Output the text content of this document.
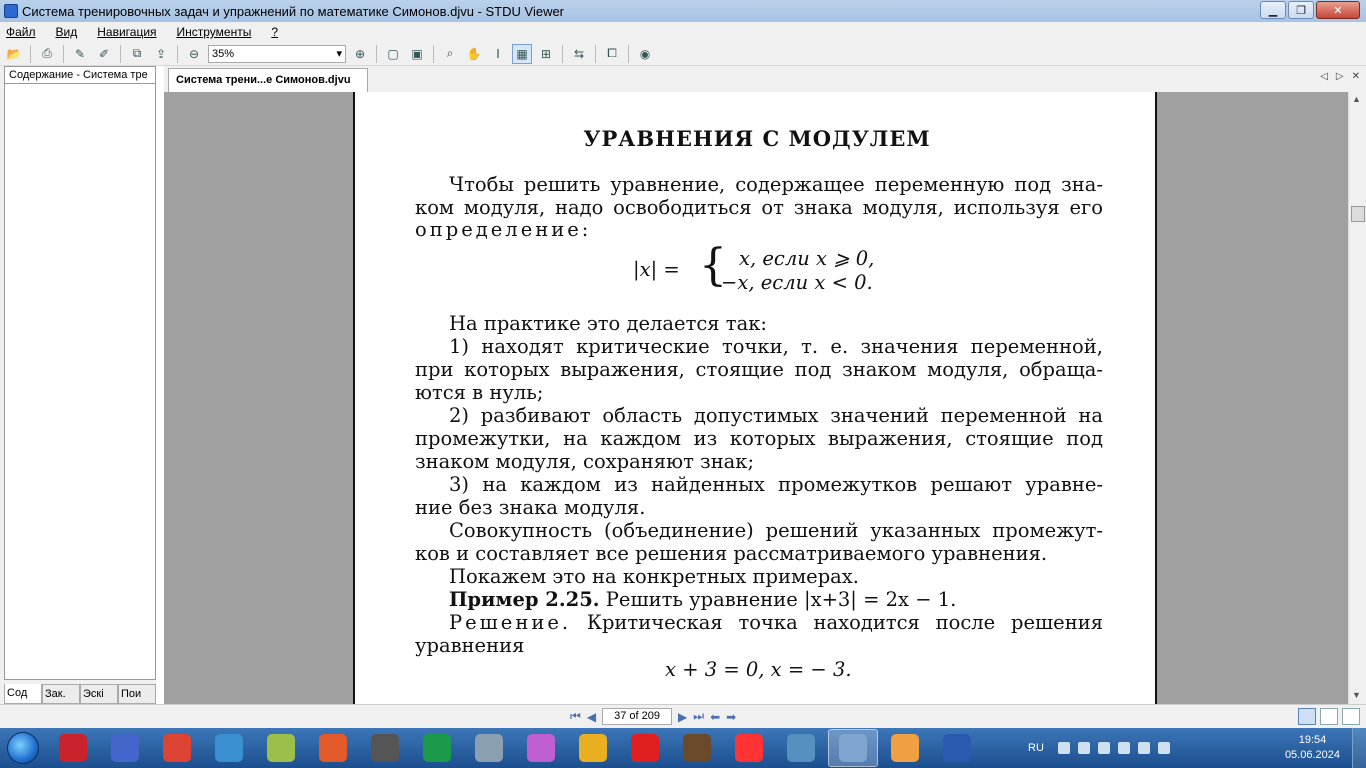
Система тренировочных задач и упражнений по математике Симонов.djvu - STDU Viewer	▁	❐	✕
Файл Вид Навигация Инструменты ?
📂	⎙	✎	✐	⧉	⇪	⊖	35%	▾	⊕	▢	▣	⌕	✋	Ⅰ	▦	⊞	⇆	⧠	◉
Содержание - Система тре
Сод	Зак.	Эскі	Пои
Система трени...е Симонов.djvu	◁ ▷ ✕
УРАВНЕНИЯ С МОДУЛЕМ
Чтобы решить уравнение, содержащее переменную под зна-
ком модуля, надо освободиться от знака модуля, используя его
определение:
|x| = { x, если x ⩾ 0,
−x, если x < 0.
На практике это делается так:
1) находят критические точки, т. е. значения переменной,
при которых выражения, стоящие под знаком модуля, обраща-
ются в нуль;
2) разбивают область допустимых значений переменной на
промежутки, на каждом из которых выражения, стоящие под
знаком модуля, сохраняют знак;
3) на каждом из найденных промежутков решают уравне-
ние без знака модуля.
Совокупность (объединение) решений указанных промежут-
ков и составляет все решения рассматриваемого уравнения.
Покажем это на конкретных примерах.
Пример 2.25. Решить уравнение |x+3| = 2x − 1.
Решение. Критическая точка находится после решения
уравнения
x + 3 = 0, x = − 3.
▲
▼
⏮ ◀	37 of 209	▶ ⏭ ⬅ ➡
RU
19:54
05.06.2024
